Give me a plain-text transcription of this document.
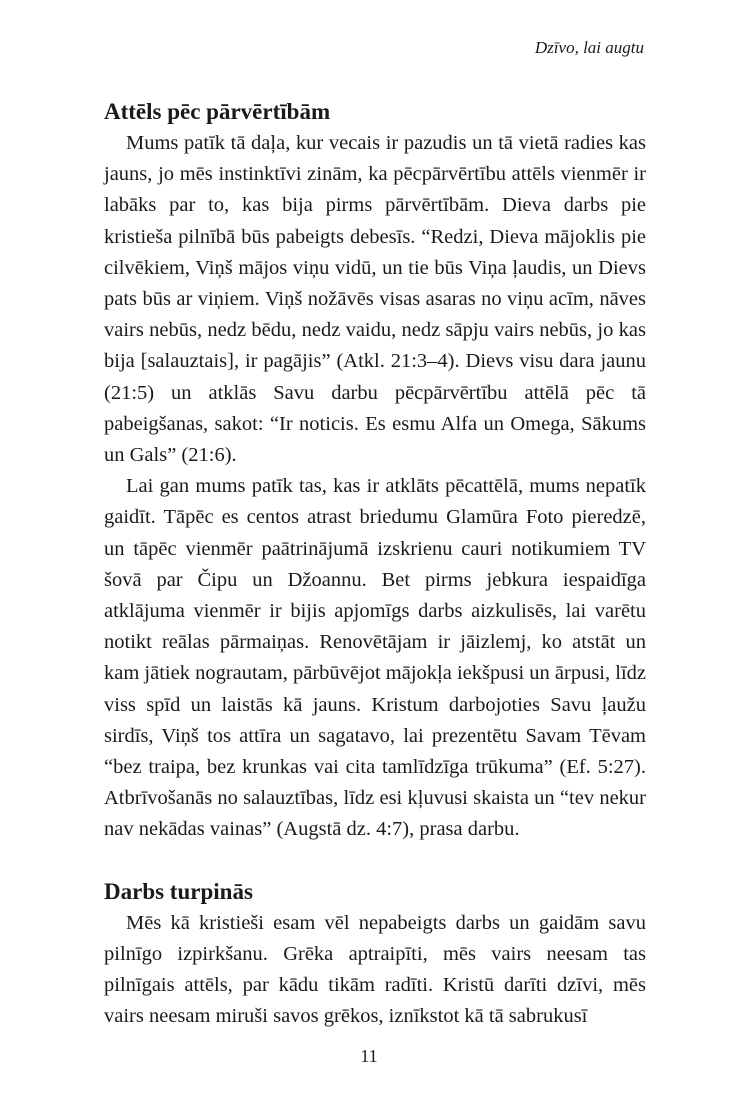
Dzīvo, lai augtu
Attēls pēc pārvērtībām

Mums patīk tā daļa, kur vecais ir pazudis un tā vietā radies kas jauns, jo mēs instinktīvi zinām, ka pēcpārvērtību attēls vienmēr ir labāks par to, kas bija pirms pārvērtībām. Dieva darbs pie kristieša pilnībā būs pabeigts debesīs. “Redzi, Dieva mājoklis pie cilvēkiem, Viņš mājos viņu vidū, un tie būs Viņa ļaudis, un Dievs pats būs ar viņiem. Viņš nožāvēs visas asaras no viņu acīm, nāves vairs nebūs, nedz bēdu, nedz vaidu, nedz sāpju vairs nebūs, jo kas bija [salauztais], ir pagājis” (Atkl. 21:3–4). Dievs visu dara jaunu (21:5) un atklās Savu darbu pēcpārvērtību attēlā pēc tā pabeigšanas, sakot: “Ir noticis. Es esmu Alfa un Omega, Sākums un Gals” (21:6).

Lai gan mums patīk tas, kas ir atklāts pēcattēlā, mums nepatīk gaidīt. Tāpēc es centos atrast briedumu Glamūra Foto pieredzē, un tāpēc vienmēr paātrinājumā izskrienu cauri notikumiem TV šovā par Čipu un Džoannu. Bet pirms jebkura iespaidīga atklājuma vienmēr ir bijis apjomīgs darbs aizkulisēs, lai varētu notikt reālas pārmaiņas. Renovētājam ir jāizlemj, ko atstāt un kam jātiek nograutam, pārbūvējot mājokļa iekšpusi un ārpusi, līdz viss spīd un laistās kā jauns. Kristum darbojoties Savu ļaužu sirdīs, Viņš tos attīra un sagatavo, lai prezentētu Savam Tēvam “bez traipa, bez krunkas vai cita tamlīdzīga trūkuma” (Ef. 5:27). Atbrīvošanās no salauztības, līdz esi kļuvusi skaista un “tev nekur nav nekādas vainas” (Augstā dz. 4:7), prasa darbu.

Darbs turpinās

Mēs kā kristieši esam vēl nepabeigts darbs un gaidām savu pilnīgo izpirkšanu. Grēka aptraipīti, mēs vairs neesam tas pilnīgais attēls, par kādu tikām radīti. Kristū darīti dzīvi, mēs vairs neesam miruši savos grēkos, iznīkstot kā tā sabrukusī

11
